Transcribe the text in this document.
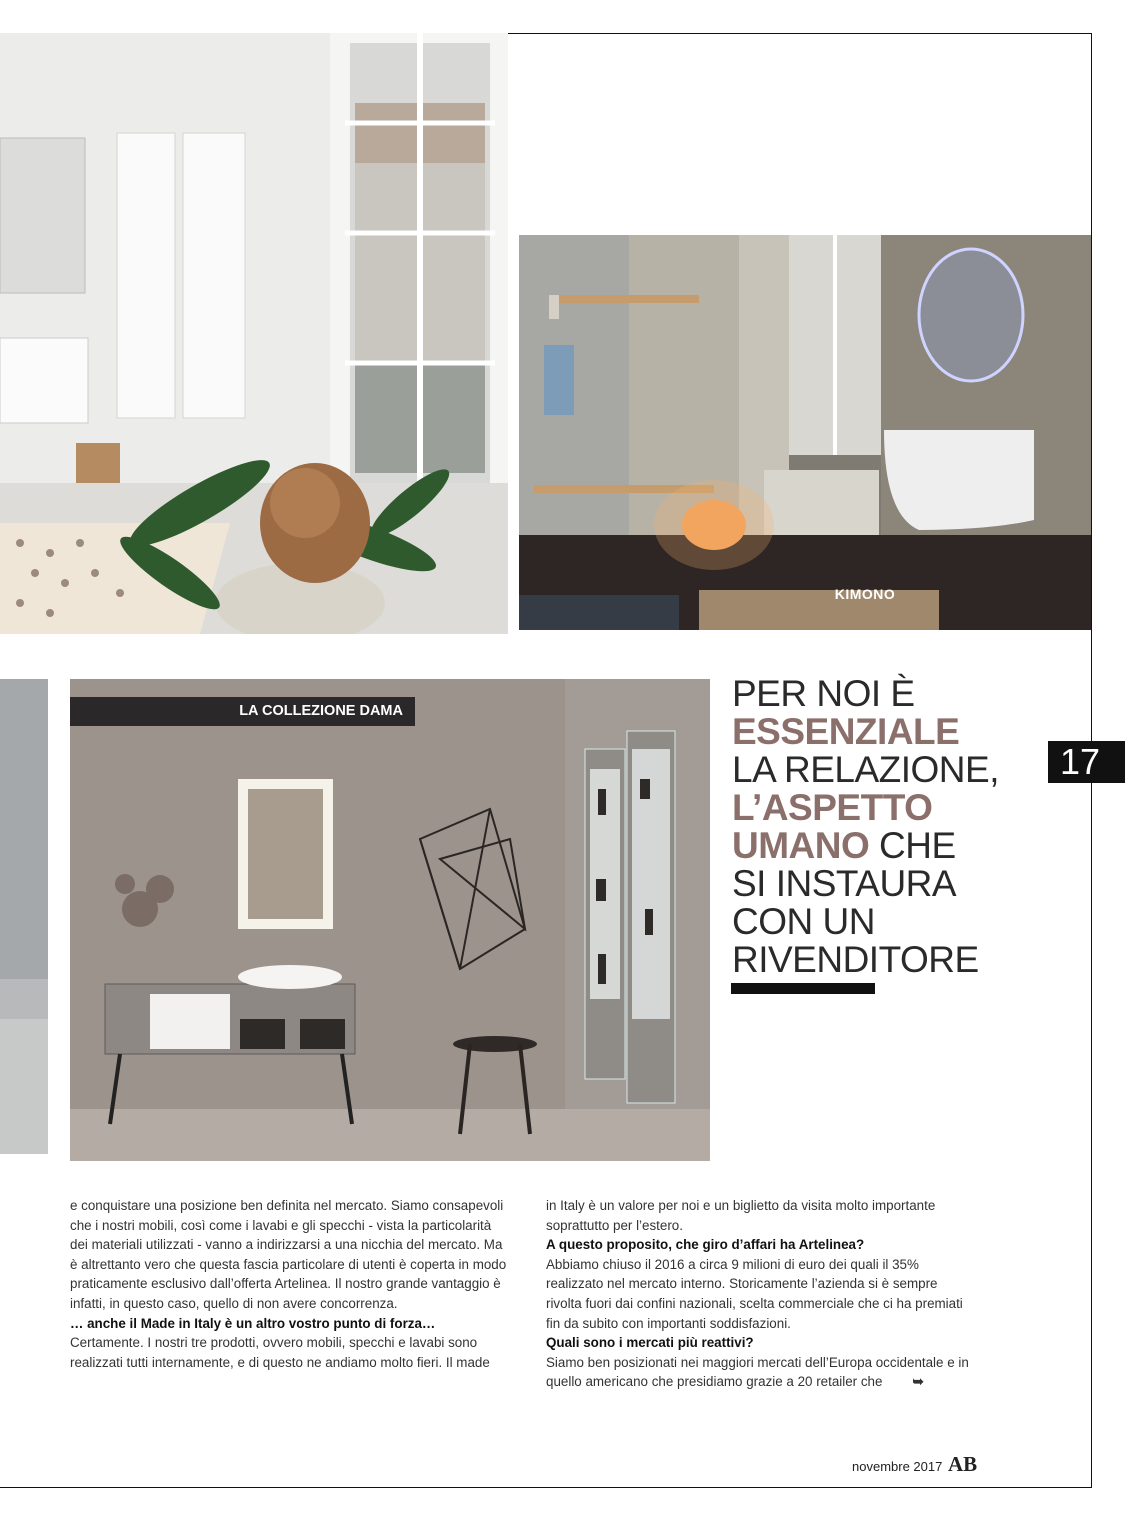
KIMONO
LA COLLEZIONE DAMA	PER NOI È
ESSENZIALE
LA RELAZIONE,
L’ASPETTO
UMANO CHE
SI INSTAURA
CON UN
RIVENDITORE
17

e conquistare una posizione ben definita nel mercato. Siamo consapevoli che i nostri mobili, così come i lavabi e gli specchi - vista la particolarità dei materiali utilizzati - vanno a indirizzarsi a una nicchia del mercato. Ma è altrettanto vero che questa fascia particolare di utenti è coperta in modo praticamente esclusivo dall’offerta Artelinea. Il nostro grande vantaggio è infatti, in questo caso, quello di non avere concorrenza.

… anche il Made in Italy è un altro vostro punto di forza…

Certamente. I nostri tre prodotti, ovvero mobili, specchi e lavabi sono realizzati tutti internamente, e di questo ne andiamo molto fieri. Il made

in Italy è un valore per noi e un biglietto da visita molto importante soprattutto per l’estero.

A questo proposito, che giro d’affari ha Artelinea?

Abbiamo chiuso il 2016 a circa 9 milioni di euro dei quali il 35% realizzato nel mercato interno. Storicamente l’azienda si è sempre rivolta fuori dai confini nazionali, scelta commerciale che ci ha premiati fin da subito con importanti soddisfazioni.

Quali sono i mercati più reattivi?

Siamo ben posizionati nei maggiori mercati dell’Europa occidentale e in quello americano che presidiamo grazie a 20 retailer che ➥

novembre 2017 AB
